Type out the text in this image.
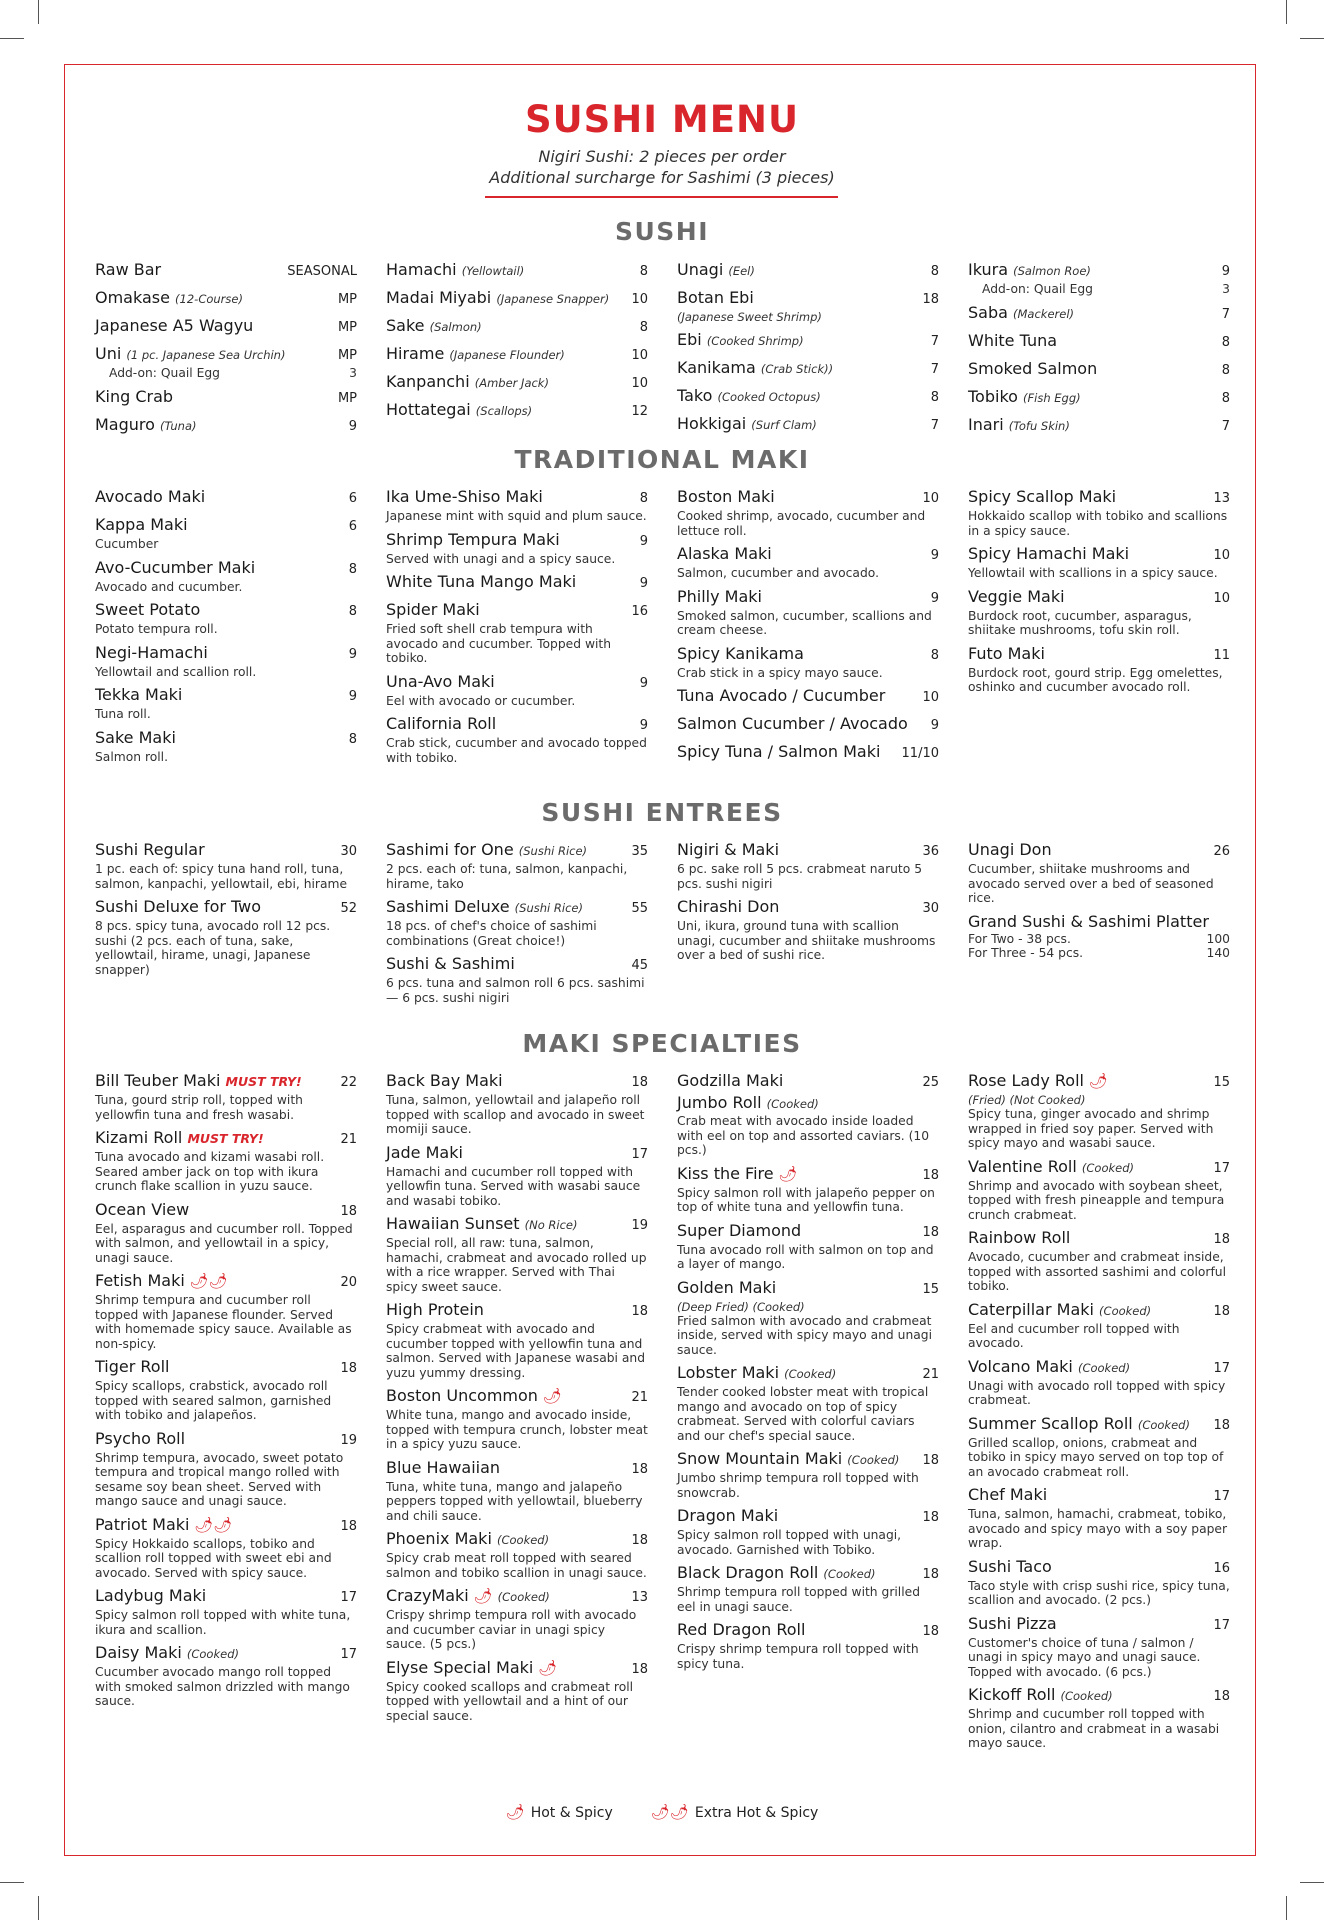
SUSHI MENU
Nigiri Sushi: 2 pieces per order
Additional surcharge for Sashimi (3 pieces)
SUSHI
Raw Bar	SEASONAL
Omakase (12-Course)	MP
Japanese A5 Wagyu	MP
Uni (1 pc. Japanese Sea Urchin)	MP
Add-on: Quail Egg	3
King Crab	MP
Maguro (Tuna)	9
Hamachi (Yellowtail)	8
Madai Miyabi (Japanese Snapper) 10
Sake (Salmon)	8
Hirame (Japanese Flounder)	10
Kanpanchi (Amber Jack)	10
Hottategai (Scallops)	12
Unagi (Eel)	8
Botan Ebi	18
(Japanese Sweet Shrimp)
Ebi (Cooked Shrimp)	7
Kanikama (Crab Stick))	7
Tako (Cooked Octopus)	8
Hokkigai (Surf Clam)	7
Ikura (Salmon Roe)	9
Add-on: Quail Egg	3
Saba (Mackerel)	7
White Tuna	8
Smoked Salmon	8
Tobiko (Fish Egg)	8
Inari (Tofu Skin)	7
TRADITIONAL MAKI
Avocado Maki	6
Kappa Maki	6
Cucumber
Avo-Cucumber Maki	8
Avocado and cucumber.
Sweet Potato	8
Potato tempura roll.
Negi-Hamachi	9
Yellowtail and scallion roll.
Tekka Maki	9
Tuna roll.
Sake Maki	8
Salmon roll.
Ika Ume-Shiso Maki	8
Japanese mint with squid and plum sauce.
Shrimp Tempura Maki	9
Served with unagi and a spicy sauce.
White Tuna Mango Maki	9
Spider Maki	16
Fried soft shell crab tempura with avocado and cucumber. Topped with tobiko.
Una-Avo Maki	9
Eel with avocado or cucumber.
California Roll	9
Crab stick, cucumber and avocado topped with tobiko.
Boston Maki	10
Cooked shrimp, avocado, cucumber and lettuce roll.
Alaska Maki	9
Salmon, cucumber and avocado.
Philly Maki	9
Smoked salmon, cucumber, scallions and cream cheese.
Spicy Kanikama	8
Crab stick in a spicy mayo sauce.
Tuna Avocado / Cucumber	10
Salmon Cucumber / Avocado 9
Spicy Tuna / Salmon Maki 11/10
Spicy Scallop Maki	13
Hokkaido scallop with tobiko and scallions in a spicy sauce.
Spicy Hamachi Maki	10
Yellowtail with scallions in a spicy sauce.
Veggie Maki	10
Burdock root, cucumber, asparagus, shiitake mushrooms, tofu skin roll.
Futo Maki	11
Burdock root, gourd strip. Egg omelettes, oshinko and cucumber avocado roll.
SUSHI ENTREES
Sushi Regular	30
1 pc. each of: spicy tuna hand roll, tuna, salmon, kanpachi, yellowtail, ebi, hirame
Sushi Deluxe for Two	52
8 pcs. spicy tuna, avocado roll 12 pcs. sushi (2 pcs. each of tuna, sake, yellowtail, hirame, unagi, Japanese snapper)
Sashimi for One (Sushi Rice)	35
2 pcs. each of: tuna, salmon, kanpachi, hirame, tako
Sashimi Deluxe (Sushi Rice)	55
18 pcs. of chef's choice of sashimi combinations (Great choice!)
Sushi & Sashimi	45
6 pcs. tuna and salmon roll 6 pcs. sashimi — 6 pcs. sushi nigiri
Nigiri & Maki	36
6 pc. sake roll 5 pcs. crabmeat naruto 5 pcs. sushi nigiri
Chirashi Don	30
Uni, ikura, ground tuna with scallion unagi, cucumber and shiitake mushrooms over a bed of sushi rice.
Unagi Don	26
Cucumber, shiitake mushrooms and avocado served over a bed of seasoned rice.
Grand Sushi & Sashimi Platter
For Two - 38 pcs.	100
For Three - 54 pcs.	140
MAKI SPECIALTIES
Bill Teuber Maki MUST TRY!	22
Tuna, gourd strip roll, topped with yellowfin tuna and fresh wasabi.
Kizami Roll MUST TRY!	21
Tuna avocado and kizami wasabi roll. Seared amber jack on top with ikura crunch flake scallion in yuzu sauce.
Ocean View	18
Eel, asparagus and cucumber roll. Topped with salmon, and yellowtail in a spicy, unagi sauce.
Fetish Maki 🌶🌶	20
Shrimp tempura and cucumber roll topped with Japanese flounder. Served with homemade spicy sauce. Available as non-spicy.
Tiger Roll	18
Spicy scallops, crabstick, avocado roll topped with seared salmon, garnished with tobiko and jalapeños.
Psycho Roll	19
Shrimp tempura, avocado, sweet potato tempura and tropical mango rolled with sesame soy bean sheet. Served with mango sauce and unagi sauce.
Patriot Maki 🌶🌶	18
Spicy Hokkaido scallops, tobiko and scallion roll topped with sweet ebi and avocado. Served with spicy sauce.
Ladybug Maki	17
Spicy salmon roll topped with white tuna, ikura and scallion.
Daisy Maki (Cooked)	17
Cucumber avocado mango roll topped with smoked salmon drizzled with mango sauce.
Back Bay Maki	18
Tuna, salmon, yellowtail and jalapeño roll topped with scallop and avocado in sweet momiji sauce.
Jade Maki	17
Hamachi and cucumber roll topped with yellowfin tuna. Served with wasabi sauce and wasabi tobiko.
Hawaiian Sunset (No Rice)	19
Special roll, all raw: tuna, salmon, hamachi, crabmeat and avocado rolled up with a rice wrapper. Served with Thai spicy sweet sauce.
High Protein	18
Spicy crabmeat with avocado and cucumber topped with yellowfin tuna and salmon. Served with Japanese wasabi and yuzu yummy dressing.
Boston Uncommon 🌶	21
White tuna, mango and avocado inside, topped with tempura crunch, lobster meat in a spicy yuzu sauce.
Blue Hawaiian	18
Tuna, white tuna, mango and jalapeño peppers topped with yellowtail, blueberry and chili sauce.
Phoenix Maki (Cooked)	18
Spicy crab meat roll topped with seared salmon and tobiko scallion in unagi sauce.
CrazyMaki 🌶 (Cooked)	13
Crispy shrimp tempura roll with avocado and cucumber caviar in unagi spicy sauce. (5 pcs.)
Elyse Special Maki 🌶	18
Spicy cooked scallops and crabmeat roll topped with yellowtail and a hint of our special sauce.
Godzilla Maki	25
Jumbo Roll (Cooked)
Crab meat with avocado inside loaded with eel on top and assorted caviars. (10 pcs.)
Kiss the Fire 🌶	18
Spicy salmon roll with jalapeño pepper on top of white tuna and yellowfin tuna.
Super Diamond	18
Tuna avocado roll with salmon on top and a layer of mango.
Golden Maki	15
(Deep Fried) (Cooked)
Fried salmon with avocado and crabmeat inside, served with spicy mayo and unagi sauce.
Lobster Maki (Cooked)	21
Tender cooked lobster meat with tropical mango and avocado on top of spicy crabmeat. Served with colorful caviars and our chef's special sauce.
Snow Mountain Maki (Cooked) 18
Jumbo shrimp tempura roll topped with snowcrab.
Dragon Maki	18
Spicy salmon roll topped with unagi, avocado. Garnished with Tobiko.
Black Dragon Roll (Cooked)	18
Shrimp tempura roll topped with grilled eel in unagi sauce.
Red Dragon Roll	18
Crispy shrimp tempura roll topped with spicy tuna.
Rose Lady Roll 🌶	15
(Fried) (Not Cooked)
Spicy tuna, ginger avocado and shrimp wrapped in fried soy paper. Served with spicy mayo and wasabi sauce.
Valentine Roll (Cooked)	17
Shrimp and avocado with soybean sheet, topped with fresh pineapple and tempura crunch crabmeat.
Rainbow Roll	18
Avocado, cucumber and crabmeat inside, topped with assorted sashimi and colorful tobiko.
Caterpillar Maki (Cooked)	18
Eel and cucumber roll topped with avocado.
Volcano Maki (Cooked)	17
Unagi with avocado roll topped with spicy crabmeat.
Summer Scallop Roll (Cooked) 18
Grilled scallop, onions, crabmeat and tobiko in spicy mayo served on top top of an avocado crabmeat roll.
Chef Maki	17
Tuna, salmon, hamachi, crabmeat, tobiko, avocado and spicy mayo with a soy paper wrap.
Sushi Taco	16
Taco style with crisp sushi rice, spicy tuna, scallion and avocado. (2 pcs.)
Sushi Pizza	17
Customer's choice of tuna / salmon / unagi in spicy mayo and unagi sauce. Topped with avocado. (6 pcs.)
Kickoff Roll (Cooked)	18
Shrimp and cucumber roll topped with onion, cilantro and crabmeat in a wasabi mayo sauce.
🌶 Hot & Spicy	🌶🌶 Extra Hot & Spicy
